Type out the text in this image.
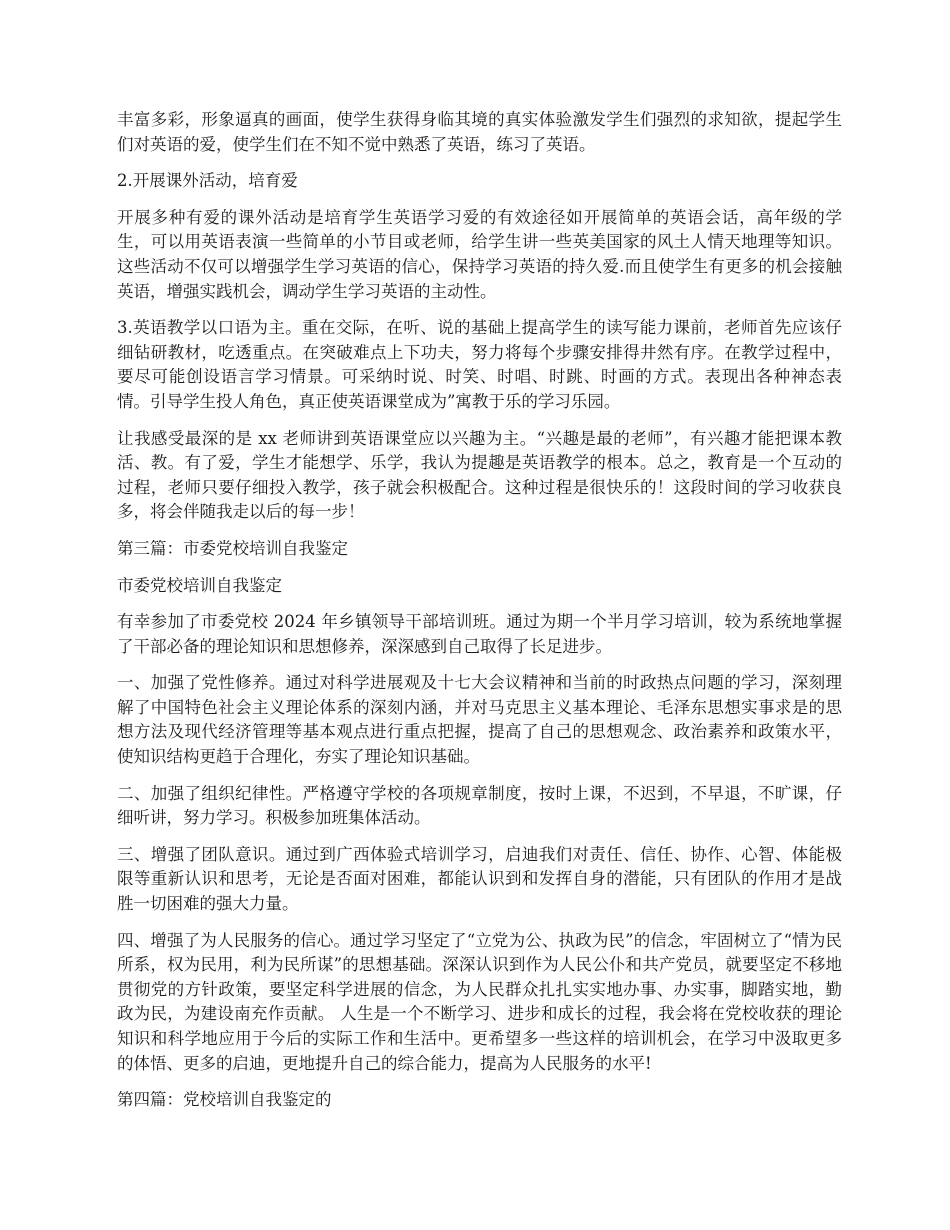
丰富多彩，形象逼真的画面，使学生获得身临其境的真实体验激发学生们强烈的求知欲，提起学生们对英语的爱，使学生们在不知不觉中熟悉了英语，练习了英语。

2.开展课外活动，培育爱

开展多种有爱的课外活动是培育学生英语学习爱的有效途径如开展简单的英语会话，高年级的学生，可以用英语表演一些简单的小节目或老师，给学生讲一些英美国家的风土人情天地理等知识。这些活动不仅可以增强学生学习英语的信心，保持学习英语的持久爱.而且使学生有更多的机会接触英语，增强实践机会，调动学生学习英语的主动性。

3.英语教学以口语为主。重在交际，在听、说的基础上提高学生的读写能力课前，老师首先应该仔细钻研教材，吃透重点。在突破难点上下功夫，努力将每个步骤安排得井然有序。在教学过程中，要尽可能创设语言学习情景。可采纳时说、时笑、时唱、时跳、时画的方式。表现出各种神态表情。引导学生投人角色，真正使英语课堂成为”寓教于乐的学习乐园。

让我感受最深的是 xx 老师讲到英语课堂应以兴趣为主。“兴趣是最的老师”，有兴趣才能把课本教活、教。有了爱，学生才能想学、乐学，我认为提趣是英语教学的根本。总之，教育是一个互动的过程，老师只要仔细投入教学，孩子就会积极配合。这种过程是很快乐的！这段时间的学习收获良多，将会伴随我走以后的每一步！

第三篇：市委党校培训自我鉴定

市委党校培训自我鉴定

有幸参加了市委党校 2024 年乡镇领导干部培训班。通过为期一个半月学习培训，较为系统地掌握了干部必备的理论知识和思想修养，深深感到自己取得了长足进步。

一、加强了党性修养。通过对科学进展观及十七大会议精神和当前的时政热点问题的学习，深刻理解了中国特色社会主义理论体系的深刻内涵，并对马克思主义基本理论、毛泽东思想实事求是的思想方法及现代经济管理等基本观点进行重点把握，提高了自己的思想观念、政治素养和政策水平，使知识结构更趋于合理化，夯实了理论知识基础。

二、加强了组织纪律性。严格遵守学校的各项规章制度，按时上课，不迟到，不早退，不旷课，仔细听讲，努力学习。积极参加班集体活动。

三、增强了团队意识。通过到广西体验式培训学习，启迪我们对责任、信任、协作、心智、体能极限等重新认识和思考，无论是否面对困难，都能认识到和发挥自身的潜能，只有团队的作用才是战胜一切困难的强大力量。

四、增强了为人民服务的信心。通过学习坚定了“立党为公、执政为民”的信念，牢固树立了“情为民所系，权为民用，利为民所谋”的思想基础。深深认识到作为人民公仆和共产党员，就要坚定不移地贯彻党的方针政策，要坚定科学进展的信念，为人民群众扎扎实实地办事、办实事，脚踏实地，勤政为民，为建设南充作贡献。 人生是一个不断学习、进步和成长的过程，我会将在党校收获的理论知识和科学地应用于今后的实际工作和生活中。更希望多一些这样的培训机会，在学习中汲取更多的体悟、更多的启迪，更地提升自己的综合能力，提高为人民服务的水平!

第四篇：党校培训自我鉴定的
